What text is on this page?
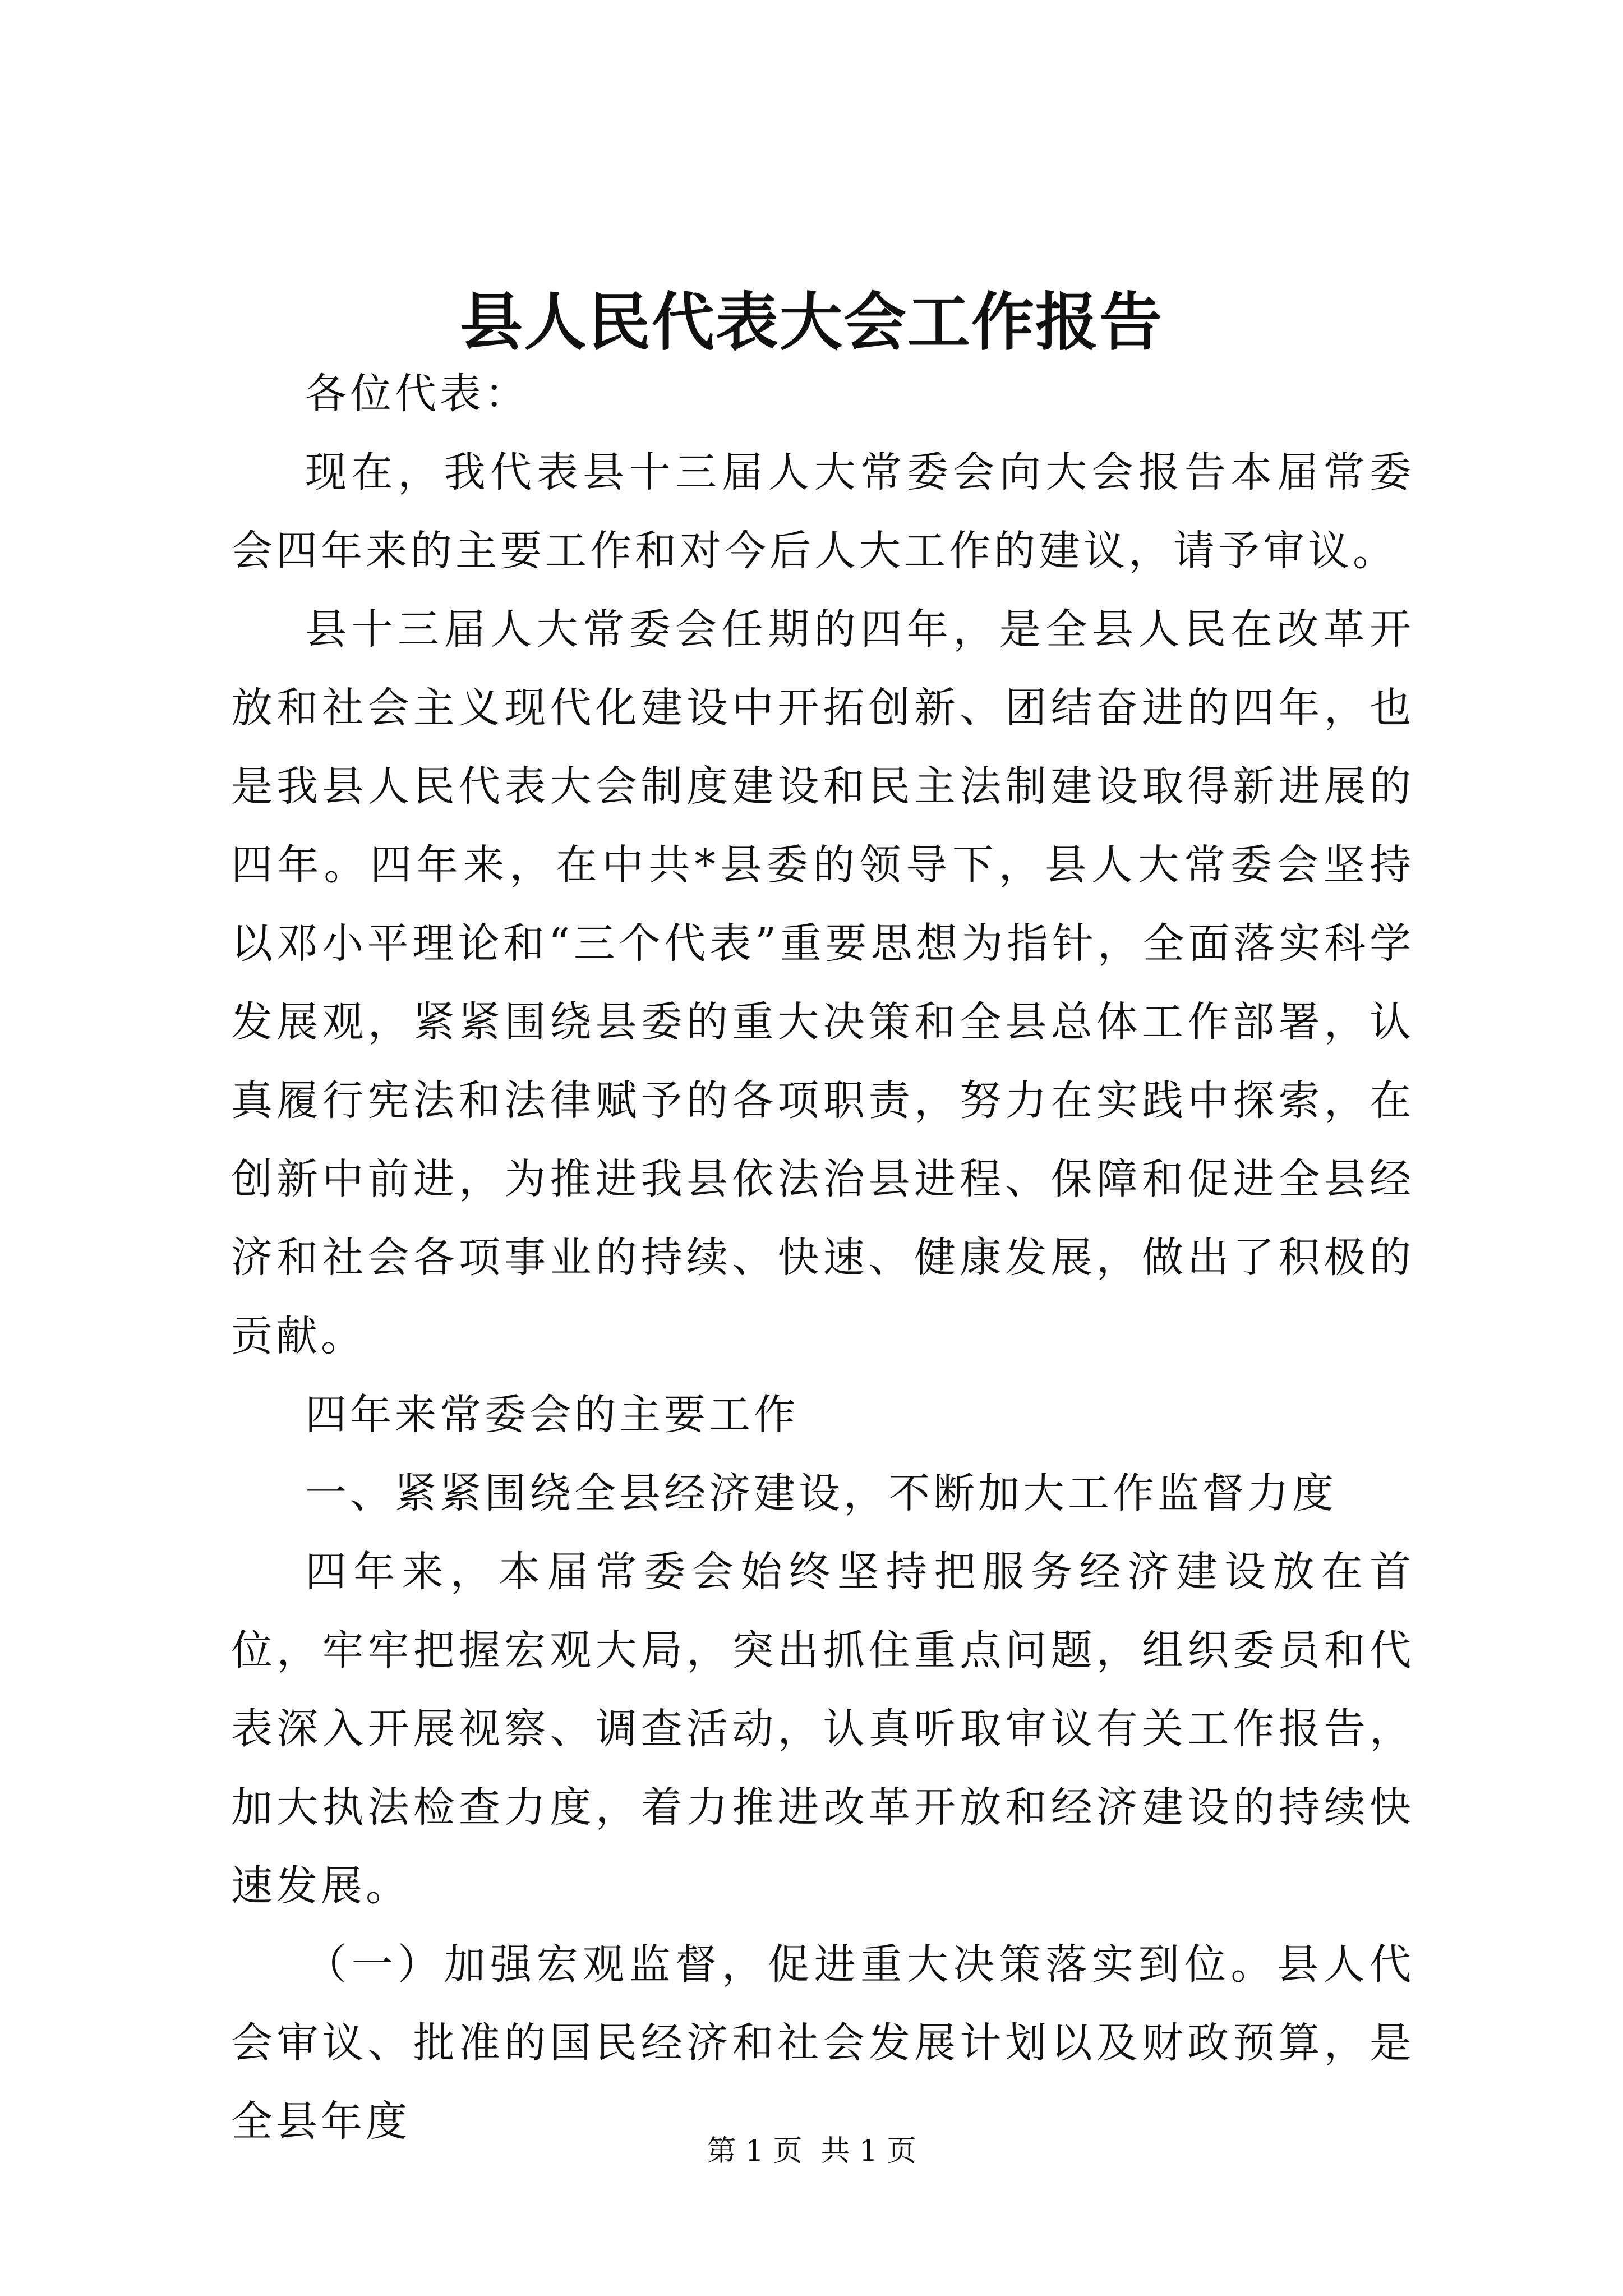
县人民代表大会工作报告

各位代表：

现在，我代表县十三届人大常委会向大会报告本届常委会四年来的主要工作和对今后人大工作的建议，请予审议。

县十三届人大常委会任期的四年，是全县人民在改革开放和社会主义现代化建设中开拓创新、团结奋进的四年，也是我县人民代表大会制度建设和民主法制建设取得新进展的四年。四年来，在中共*县委的领导下，县人大常委会坚持以邓小平理论和“三个代表”重要思想为指针，全面落实科学发展观，紧紧围绕县委的重大决策和全县总体工作部署，认真履行宪法和法律赋予的各项职责，努力在实践中探索，在创新中前进，为推进我县依法治县进程、保障和促进全县经济和社会各项事业的持续、快速、健康发展，做出了积极的贡献。

四年来常委会的主要工作

一、紧紧围绕全县经济建设，不断加大工作监督力度

四年来，本届常委会始终坚持把服务经济建设放在首位，牢牢把握宏观大局，突出抓住重点问题，组织委员和代表深入开展视察、调查活动，认真听取审议有关工作报告，加大执法检查力度，着力推进改革开放和经济建设的持续快速发展。

（一）加强宏观监督，促进重大决策落实到位。县人代会审议、批准的国民经济和社会发展计划以及财政预算，是全县年度

第 1 页  共 1 页
